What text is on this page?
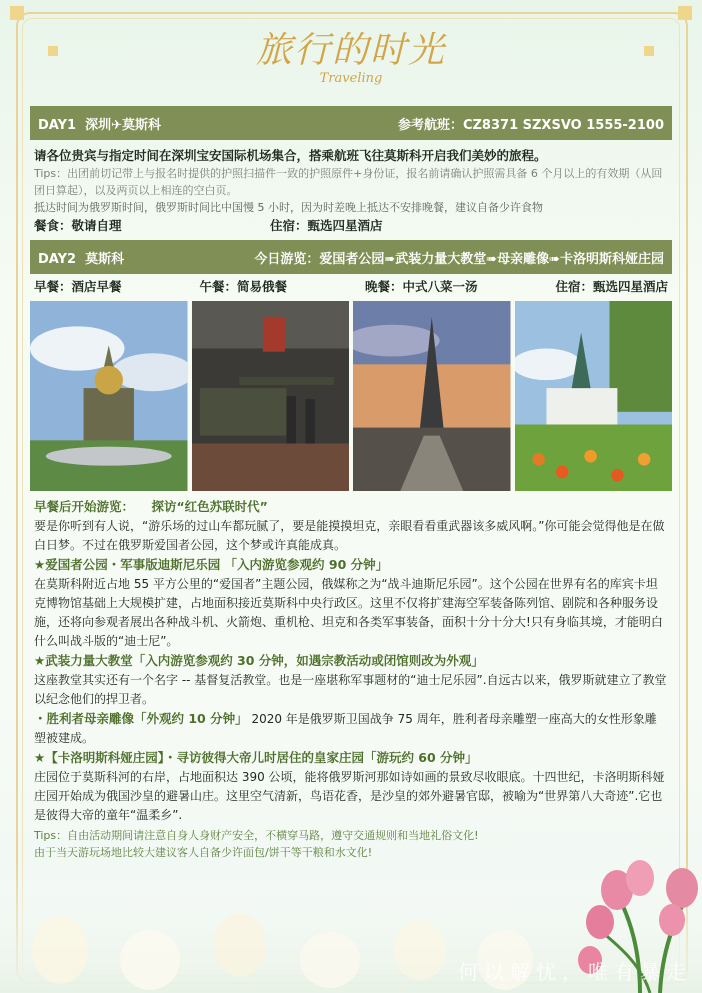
旅行的时光
Traveling
DAY1 深圳✈莫斯科	参考航班：CZ8371 SZXSVO 1555-2100
请各位贵宾与指定时间在深圳宝安国际机场集合，搭乘航班飞往莫斯科开启我们美妙的旅程。
Tips：出团前切记带上与报名时提供的护照扫描件一致的护照原件+身份证，报名前请确认护照需具备 6 个月以上的有效期（从回团日算起），以及两页以上相连的空白页。
抵达时间为俄罗斯时间，俄罗斯时间比中国慢 5 小时，因为时差晚上抵达不安排晚餐，建议自备少许食物
餐食：敬请自理	住宿：甄选四星酒店
DAY2 莫斯科	今日游览：爱国者公园➠武装力量大教堂➠母亲雕像➠卡洛明斯科娅庄园
早餐：酒店早餐	午餐：简易俄餐	晚餐：中式八菜一汤	住宿：甄选四星酒店
早餐后开始游览： 探访“红色苏联时代”
要是你听到有人说，“游乐场的过山车都玩腻了，要是能摸摸坦克，亲眼看看重武器该多威风啊。”你可能会觉得他是在做白日梦。不过在俄罗斯爱国者公园，这个梦或许真能成真。
★爱国者公园・军事版迪斯尼乐园 「入内游览参观约 90 分钟」
在莫斯科附近占地 55 平方公里的“爱国者”主题公园，俄媒称之为“战斗迪斯尼乐园”。这个公园在世界有名的库宾卡坦克博物馆基础上大规模扩建，占地面积接近莫斯科中央行政区。这里不仅将扩建海空军装备陈列馆、剧院和各种服务设施，还将向参观者展出各种战斗机、火箭炮、重机枪、坦克和各类军事装备，面积十分十分大!只有身临其境，才能明白什么叫战斗版的“迪士尼”。
★武装力量大教堂「入内游览参观约 30 分钟，如遇宗教活动或闭馆则改为外观」
这座教堂其实还有一个名字 -- 基督复活教堂。也是一座堪称军事题材的“迪士尼乐园”.自远古以来，俄罗斯就建立了教堂以纪念他们的捍卫者。
・胜利者母亲雕像「外观约 10 分钟」 2020 年是俄罗斯卫国战争 75 周年，胜利者母亲雕塑一座高大的女性形象雕塑被建成。
★【卡洛明斯科娅庄园】・寻访彼得大帝儿时居住的皇家庄园「游玩约 60 分钟」
庄园位于莫斯科河的右岸，占地面积达 390 公顷，能将俄罗斯河那如诗如画的景致尽收眼底。十四世纪，卡洛明斯科娅庄园开始成为俄国沙皇的避暑山庄。这里空气清新，鸟语花香，是沙皇的郊外避暑官邸，被喻为“世界第八大奇迹”.它也是彼得大帝的童年“温柔乡”.
Tips：自由活动期间请注意自身人身财产安全，不横穿马路，遵守交通规则和当地礼俗文化!
由于当天游玩场地比较大建议客人自备少许面包/饼干等干粮和水文化!
何以解忧，唯有暴走
